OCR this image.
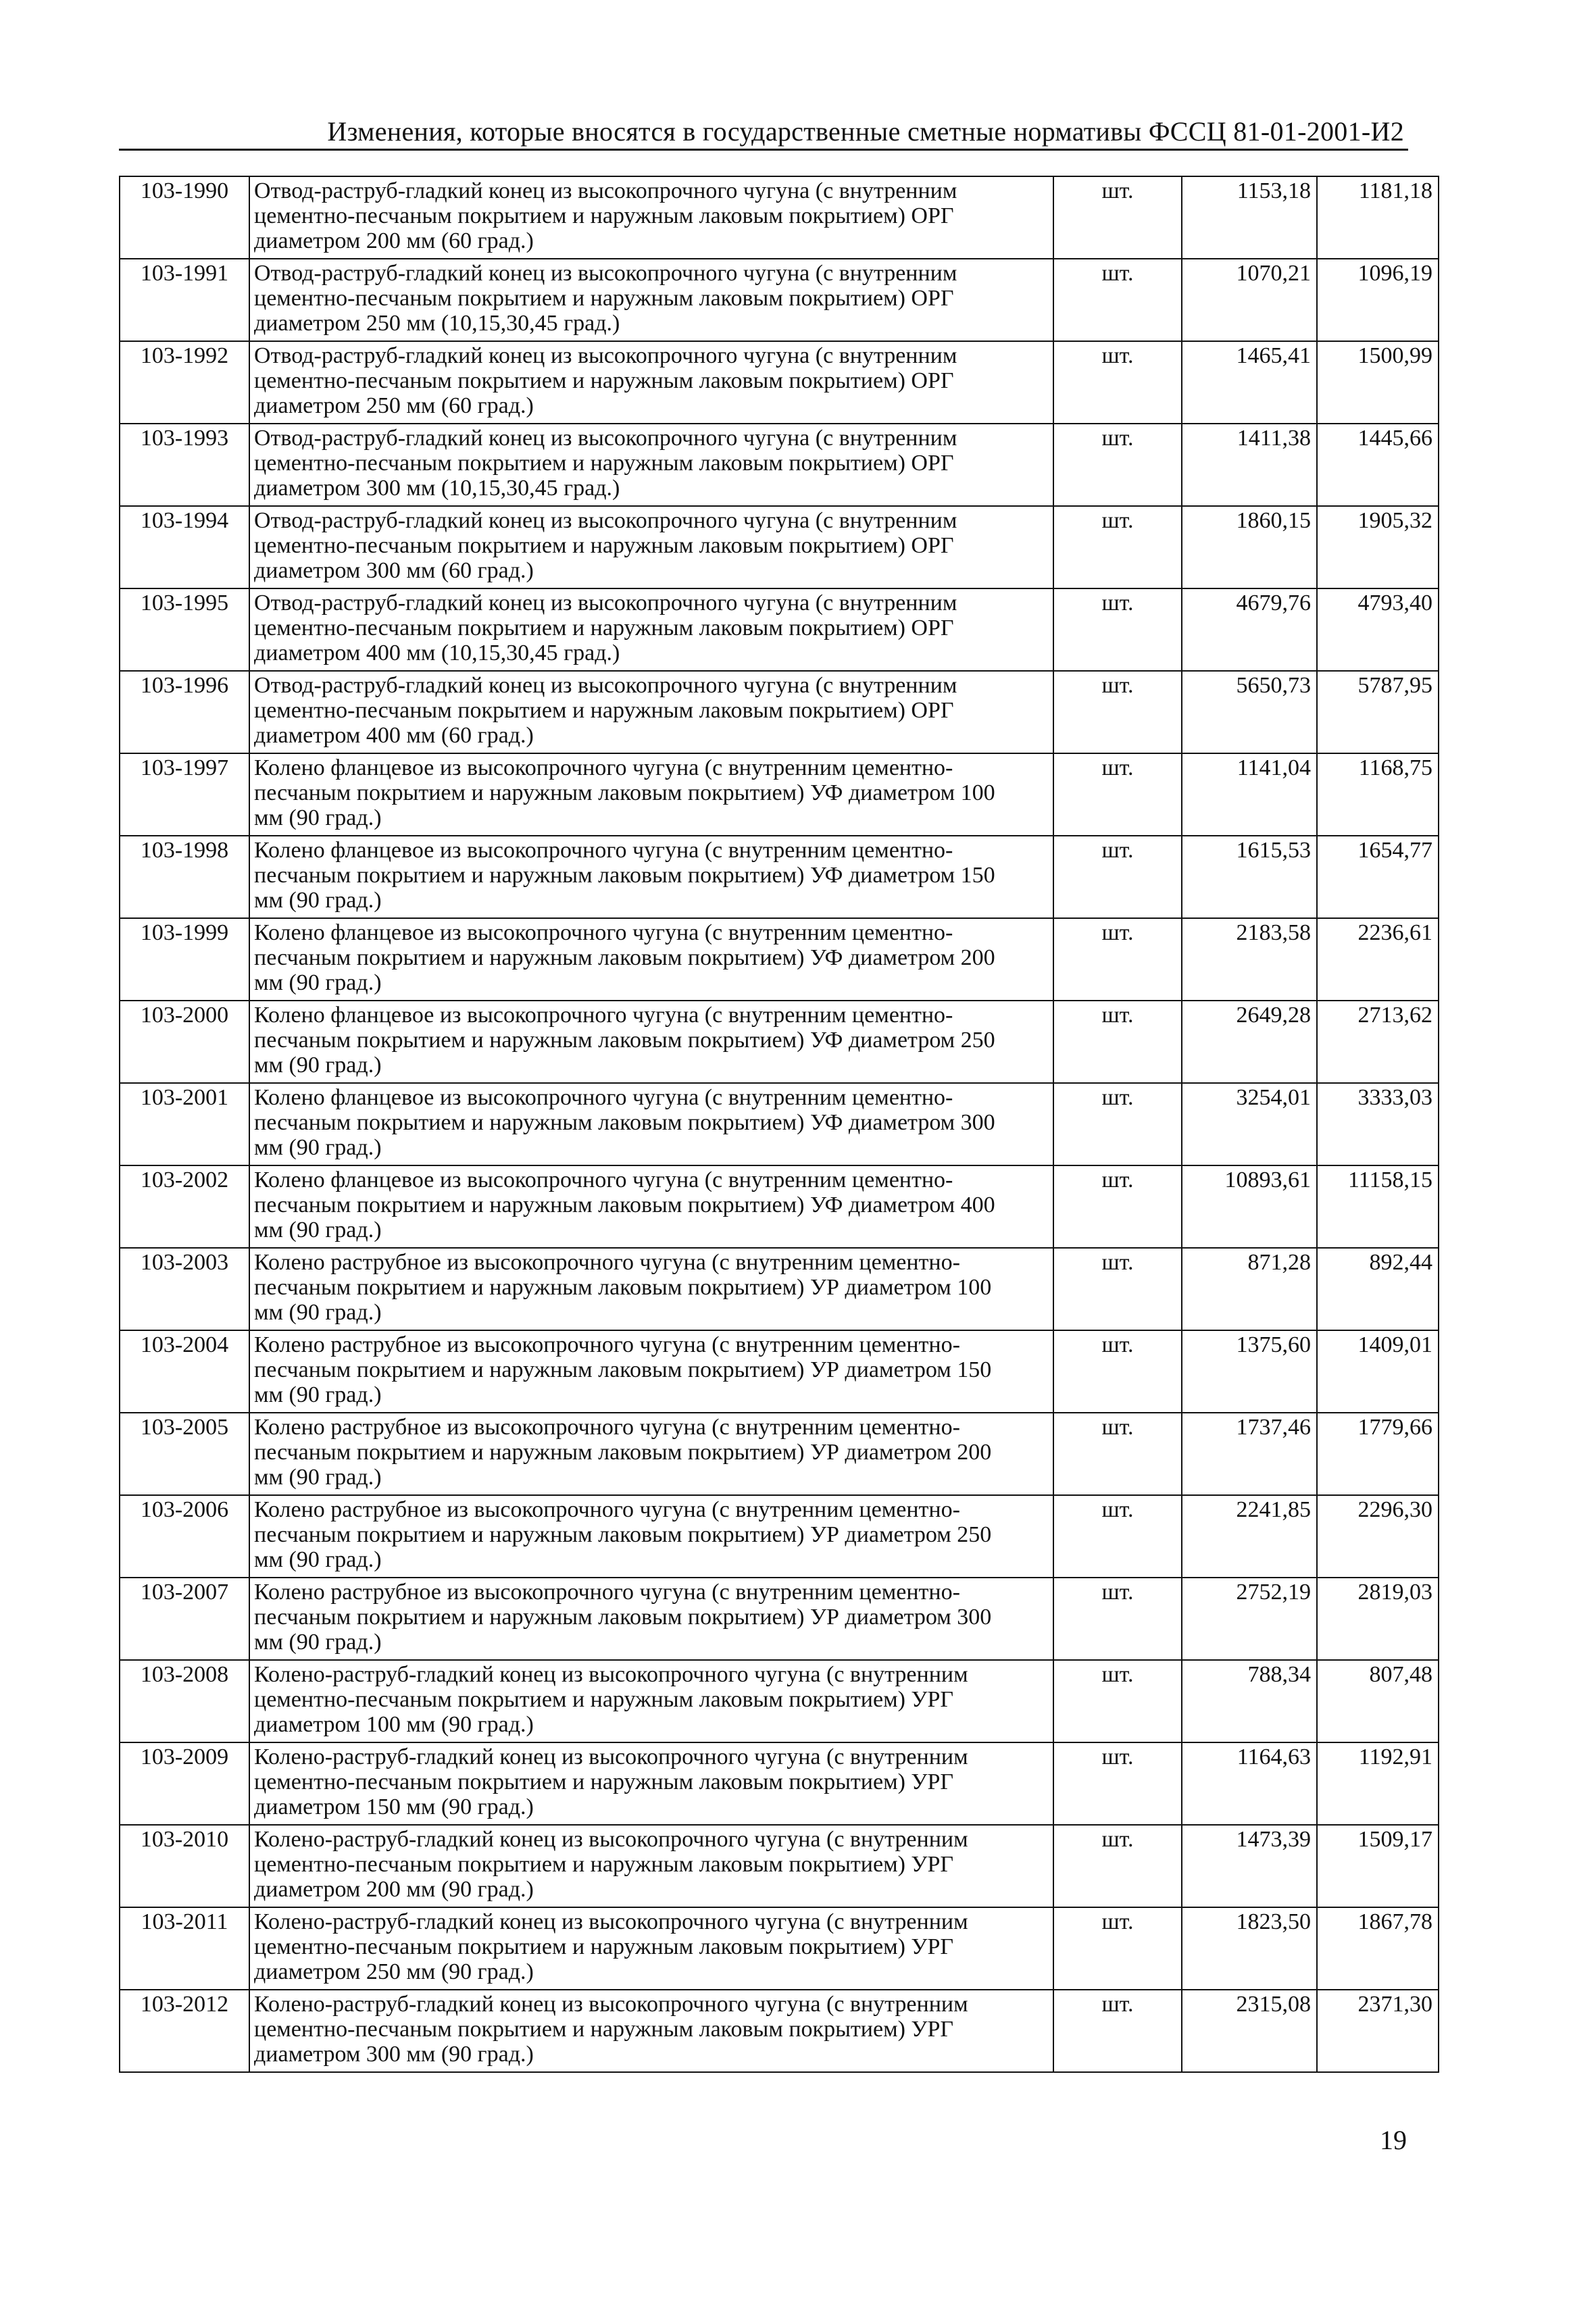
Изменения, которые вносятся в государственные сметные нормативы ФССЦ 81-01-2001-И2
103-1990	Отвод-раструб-гладкий конец из высокопрочного чугуна (с внутренним
цементно-песчаным покрытием и наружным лаковым покрытием) ОРГ
диаметром 200 мм (60 град.)	шт.	1153,18	1181,18
103-1991	Отвод-раструб-гладкий конец из высокопрочного чугуна (с внутренним
цементно-песчаным покрытием и наружным лаковым покрытием) ОРГ
диаметром 250 мм (10,15,30,45 град.)	шт.	1070,21	1096,19
103-1992	Отвод-раструб-гладкий конец из высокопрочного чугуна (с внутренним
цементно-песчаным покрытием и наружным лаковым покрытием) ОРГ
диаметром 250 мм (60 град.)	шт.	1465,41	1500,99
103-1993	Отвод-раструб-гладкий конец из высокопрочного чугуна (с внутренним
цементно-песчаным покрытием и наружным лаковым покрытием) ОРГ
диаметром 300 мм (10,15,30,45 град.)	шт.	1411,38	1445,66
103-1994	Отвод-раструб-гладкий конец из высокопрочного чугуна (с внутренним
цементно-песчаным покрытием и наружным лаковым покрытием) ОРГ
диаметром 300 мм (60 град.)	шт.	1860,15	1905,32
103-1995	Отвод-раструб-гладкий конец из высокопрочного чугуна (с внутренним
цементно-песчаным покрытием и наружным лаковым покрытием) ОРГ
диаметром 400 мм (10,15,30,45 град.)	шт.	4679,76	4793,40
103-1996	Отвод-раструб-гладкий конец из высокопрочного чугуна (с внутренним
цементно-песчаным покрытием и наружным лаковым покрытием) ОРГ
диаметром 400 мм (60 град.)	шт.	5650,73	5787,95
103-1997	Колено фланцевое из высокопрочного чугуна (с внутренним цементно-
песчаным покрытием и наружным лаковым покрытием) УФ диаметром 100
мм (90 град.)	шт.	1141,04	1168,75
103-1998	Колено фланцевое из высокопрочного чугуна (с внутренним цементно-
песчаным покрытием и наружным лаковым покрытием) УФ диаметром 150
мм (90 град.)	шт.	1615,53	1654,77
103-1999	Колено фланцевое из высокопрочного чугуна (с внутренним цементно-
песчаным покрытием и наружным лаковым покрытием) УФ диаметром 200
мм (90 град.)	шт.	2183,58	2236,61
103-2000	Колено фланцевое из высокопрочного чугуна (с внутренним цементно-
песчаным покрытием и наружным лаковым покрытием) УФ диаметром 250
мм (90 град.)	шт.	2649,28	2713,62
103-2001	Колено фланцевое из высокопрочного чугуна (с внутренним цементно-
песчаным покрытием и наружным лаковым покрытием) УФ диаметром 300
мм (90 град.)	шт.	3254,01	3333,03
103-2002	Колено фланцевое из высокопрочного чугуна (с внутренним цементно-
песчаным покрытием и наружным лаковым покрытием) УФ диаметром 400
мм (90 град.)	шт.	10893,61	11158,15
103-2003	Колено раструбное из высокопрочного чугуна (с внутренним цементно-
песчаным покрытием и наружным лаковым покрытием) УР диаметром 100
мм (90 град.)	шт.	871,28	892,44
103-2004	Колено раструбное из высокопрочного чугуна (с внутренним цементно-
песчаным покрытием и наружным лаковым покрытием) УР диаметром 150
мм (90 град.)	шт.	1375,60	1409,01
103-2005	Колено раструбное из высокопрочного чугуна (с внутренним цементно-
песчаным покрытием и наружным лаковым покрытием) УР диаметром 200
мм (90 град.)	шт.	1737,46	1779,66
103-2006	Колено раструбное из высокопрочного чугуна (с внутренним цементно-
песчаным покрытием и наружным лаковым покрытием) УР диаметром 250
мм (90 град.)	шт.	2241,85	2296,30
103-2007	Колено раструбное из высокопрочного чугуна (с внутренним цементно-
песчаным покрытием и наружным лаковым покрытием) УР диаметром 300
мм (90 град.)	шт.	2752,19	2819,03
103-2008	Колено-раструб-гладкий конец из высокопрочного чугуна (с внутренним
цементно-песчаным покрытием и наружным лаковым покрытием) УРГ
диаметром 100 мм (90 град.)	шт.	788,34	807,48
103-2009	Колено-раструб-гладкий конец из высокопрочного чугуна (с внутренним
цементно-песчаным покрытием и наружным лаковым покрытием) УРГ
диаметром 150 мм (90 град.)	шт.	1164,63	1192,91
103-2010	Колено-раструб-гладкий конец из высокопрочного чугуна (с внутренним
цементно-песчаным покрытием и наружным лаковым покрытием) УРГ
диаметром 200 мм (90 град.)	шт.	1473,39	1509,17
103-2011	Колено-раструб-гладкий конец из высокопрочного чугуна (с внутренним
цементно-песчаным покрытием и наружным лаковым покрытием) УРГ
диаметром 250 мм (90 град.)	шт.	1823,50	1867,78
103-2012	Колено-раструб-гладкий конец из высокопрочного чугуна (с внутренним
цементно-песчаным покрытием и наружным лаковым покрытием) УРГ
диаметром 300 мм (90 град.)	шт.	2315,08	2371,30
19
